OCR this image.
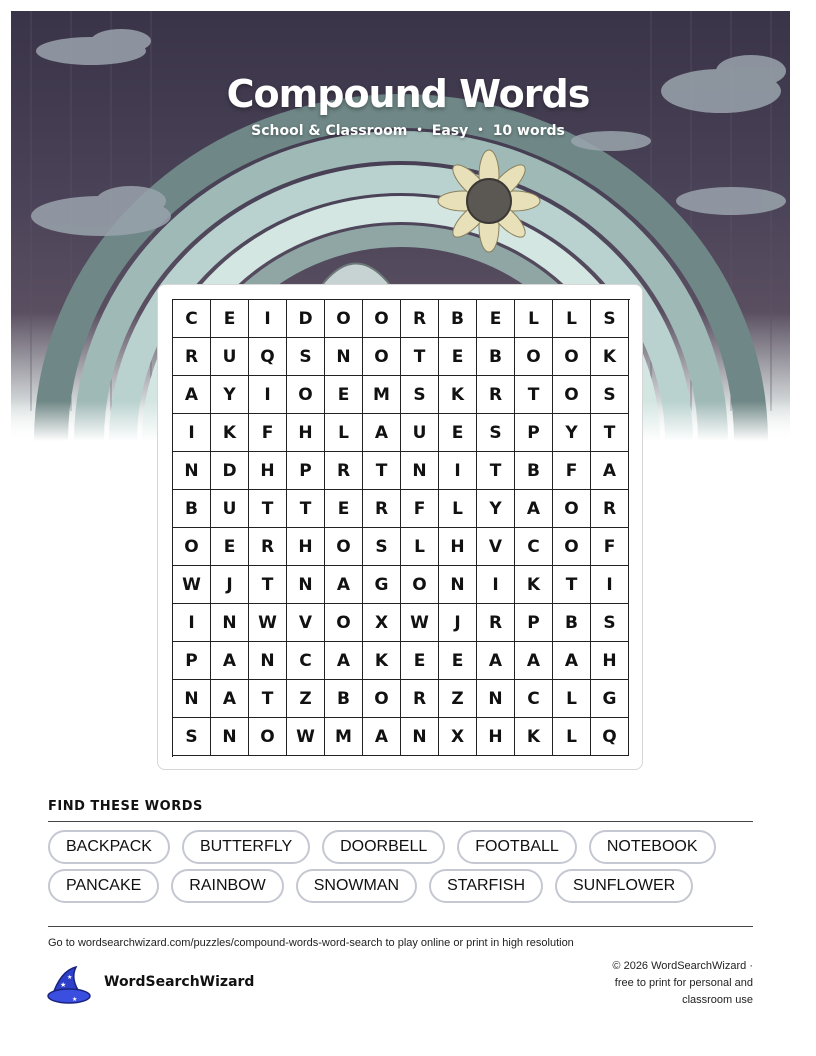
Compound Words
School & Classroom • Easy • 10 words
C	E	I	D	O	O	R	B	E	L	L	S
R	U	Q	S	N	O	T	E	B	O	O	K
A	Y	I	O	E	M	S	K	R	T	O	S
I	K	F	H	L	A	U	E	S	P	Y	T
N	D	H	P	R	T	N	I	T	B	F	A
B	U	T	T	E	R	F	L	Y	A	O	R
O	E	R	H	O	S	L	H	V	C	O	F
W	J	T	N	A	G	O	N	I	K	T	I
I	N	W	V	O	X	W	J	R	P	B	S
P	A	N	C	A	K	E	E	A	A	A	H
N	A	T	Z	B	O	R	Z	N	C	L	G
S	N	O	W	M	A	N	X	H	K	L	Q
FIND THESE WORDS
BACKPACK	BUTTERFLY	DOORBELL	FOOTBALL	NOTEBOOK
PANCAKE	RAINBOW	SNOWMAN	STARFISH	SUNFLOWER
Go to wordsearchwizard.com/puzzles/compound-words-word-search to play online or print in high resolution
★
★
★
WordSearchWizard
© 2026 WordSearchWizard ·
free to print for personal and
classroom use
